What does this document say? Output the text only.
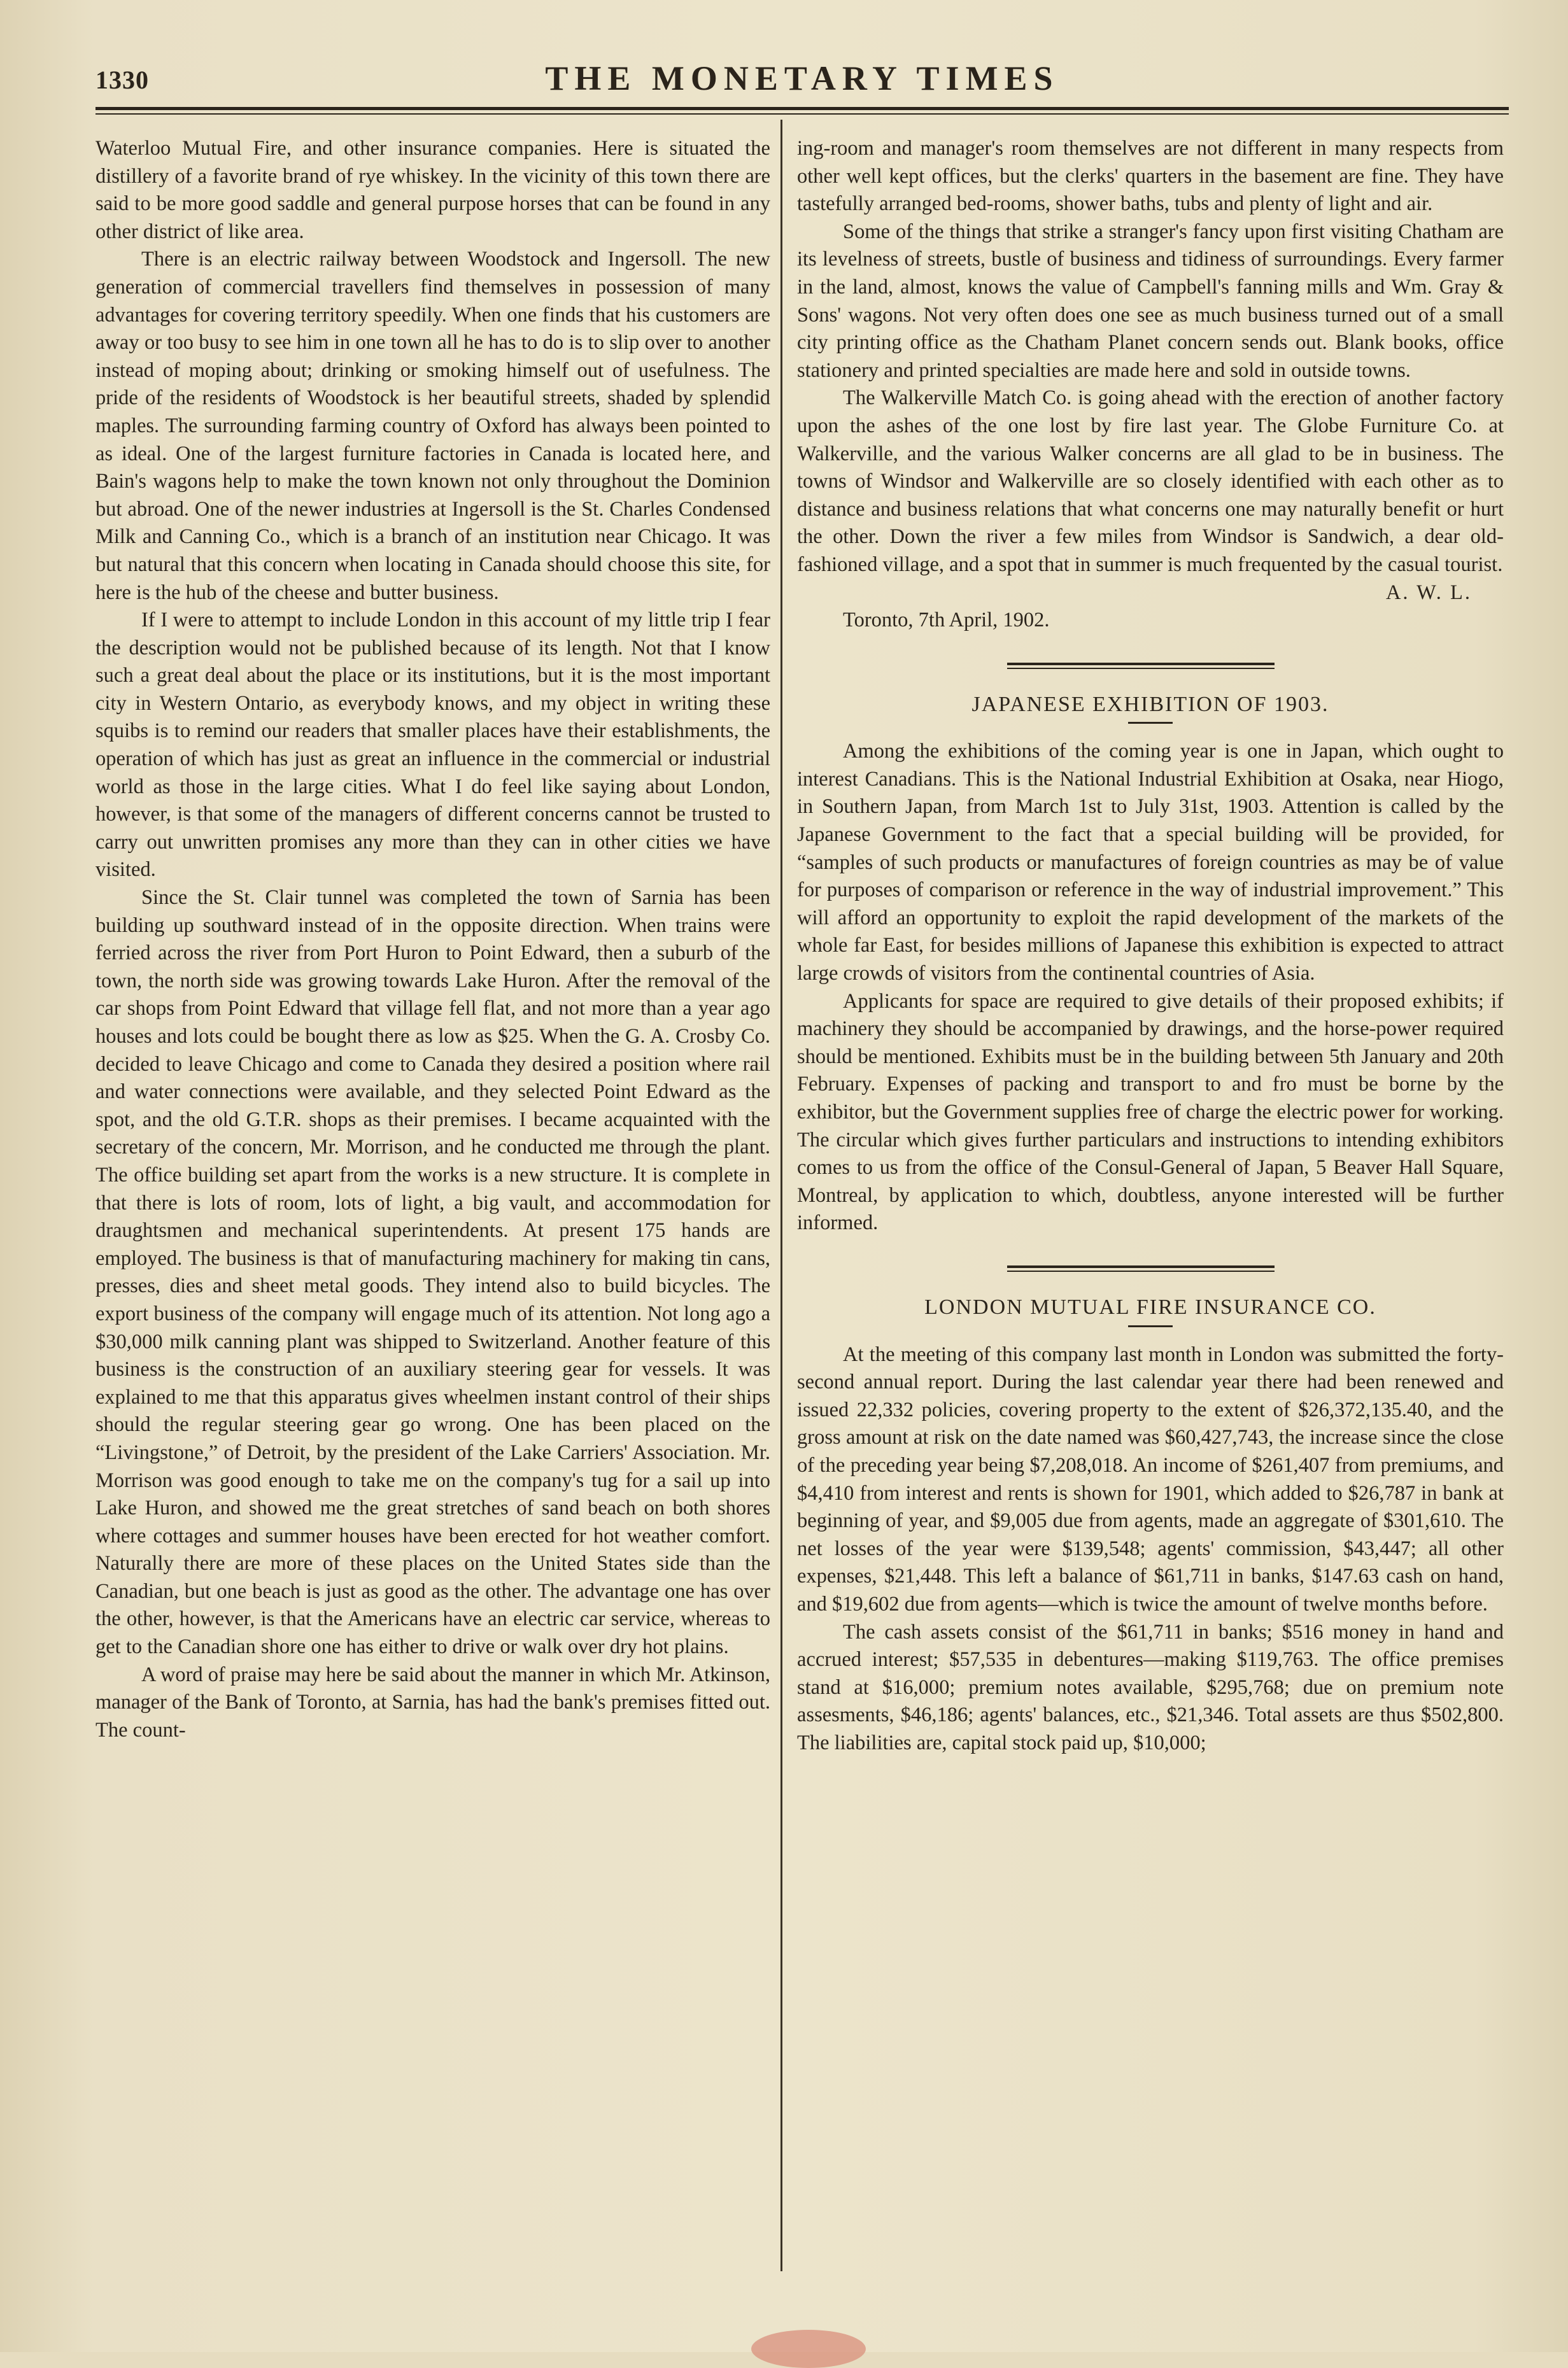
1330	THE MONETARY TIMES

Waterloo Mutual Fire, and other insurance companies. Here is situated the distillery of a favorite brand of rye whiskey. In the vicinity of this town there are said to be more good saddle and general purpose horses that can be found in any other district of like area.

There is an electric railway between Woodstock and Ingersoll. The new generation of commercial travellers find themselves in possession of many advantages for covering territory speedily. When one finds that his customers are away or too busy to see him in one town all he has to do is to slip over to another instead of moping about; drinking or smoking himself out of usefulness. The pride of the residents of Woodstock is her beautiful streets, shaded by splendid maples. The surrounding farming country of Oxford has always been pointed to as ideal. One of the largest furniture factories in Canada is located here, and Bain's wagons help to make the town known not only throughout the Dominion but abroad. One of the newer industries at Ingersoll is the St. Charles Condensed Milk and Canning Co., which is a branch of an institution near Chicago. It was but natural that this concern when locating in Canada should choose this site, for here is the hub of the cheese and butter business.

If I were to attempt to include London in this account of my little trip I fear the description would not be published because of its length. Not that I know such a great deal about the place or its institutions, but it is the most important city in Western Ontario, as everybody knows, and my object in writing these squibs is to remind our readers that smaller places have their establishments, the operation of which has just as great an influence in the commercial or industrial world as those in the large cities. What I do feel like saying about London, however, is that some of the managers of different concerns cannot be trusted to carry out unwritten promises any more than they can in other cities we have visited.

Since the St. Clair tunnel was completed the town of Sarnia has been building up southward instead of in the opposite direction. When trains were ferried across the river from Port Huron to Point Edward, then a suburb of the town, the north side was growing towards Lake Huron. After the removal of the car shops from Point Edward that village fell flat, and not more than a year ago houses and lots could be bought there as low as $25. When the G. A. Crosby Co. decided to leave Chicago and come to Canada they desired a position where rail and water connections were available, and they selected Point Edward as the spot, and the old G.T.R. shops as their premises. I became acquainted with the secretary of the concern, Mr. Morrison, and he conducted me through the plant. The office building set apart from the works is a new structure. It is complete in that there is lots of room, lots of light, a big vault, and accommodation for draughtsmen and mechanical superintendents. At present 175 hands are employed. The business is that of manufacturing machinery for making tin cans, presses, dies and sheet metal goods. They intend also to build bicycles. The export business of the company will engage much of its attention. Not long ago a $30,000 milk canning plant was shipped to Switzerland. Another feature of this business is the construction of an auxiliary steering gear for vessels. It was explained to me that this apparatus gives wheelmen instant control of their ships should the regular steering gear go wrong. One has been placed on the “Livingstone,” of Detroit, by the president of the Lake Carriers' Association. Mr. Morrison was good enough to take me on the company's tug for a sail up into Lake Huron, and showed me the great stretches of sand beach on both shores where cottages and summer houses have been erected for hot weather comfort. Naturally there are more of these places on the United States side than the Canadian, but one beach is just as good as the other. The advantage one has over the other, however, is that the Americans have an electric car service, whereas to get to the Canadian shore one has either to drive or walk over dry hot plains.

A word of praise may here be said about the manner in which Mr. Atkinson, manager of the Bank of Toronto, at Sarnia, has had the bank's premises fitted out. The count-

ing-room and manager's room themselves are not different in many respects from other well kept offices, but the clerks' quarters in the basement are fine. They have tastefully arranged bed-rooms, shower baths, tubs and plenty of light and air.

Some of the things that strike a stranger's fancy upon first visiting Chatham are its levelness of streets, bustle of business and tidiness of surroundings. Every farmer in the land, almost, knows the value of Campbell's fanning mills and Wm. Gray & Sons' wagons. Not very often does one see as much business turned out of a small city printing office as the Chatham Planet concern sends out. Blank books, office stationery and printed specialties are made here and sold in outside towns.

The Walkerville Match Co. is going ahead with the erection of another factory upon the ashes of the one lost by fire last year. The Globe Furniture Co. at Walkerville, and the various Walker concerns are all glad to be in business. The towns of Windsor and Walkerville are so closely identified with each other as to distance and business relations that what concerns one may naturally benefit or hurt the other. Down the river a few miles from Windsor is Sandwich, a dear old-fashioned village, and a spot that in summer is much frequented by the casual tourist.

A. W. L.

Toronto, 7th April, 1902.

JAPANESE EXHIBITION OF 1903.

Among the exhibitions of the coming year is one in Japan, which ought to interest Canadians. This is the National Industrial Exhibition at Osaka, near Hiogo, in Southern Japan, from March 1st to July 31st, 1903. Attention is called by the Japanese Government to the fact that a special building will be provided, for “samples of such products or manufactures of foreign countries as may be of value for purposes of comparison or reference in the way of industrial improvement.” This will afford an opportunity to exploit the rapid development of the markets of the whole far East, for besides millions of Japanese this exhibition is expected to attract large crowds of visitors from the continental countries of Asia.

Applicants for space are required to give details of their proposed exhibits; if machinery they should be accompanied by drawings, and the horse-power required should be mentioned. Exhibits must be in the building between 5th January and 20th February. Expenses of packing and transport to and fro must be borne by the exhibitor, but the Government supplies free of charge the electric power for working. The circular which gives further particulars and instructions to intending exhibitors comes to us from the office of the Consul-General of Japan, 5 Beaver Hall Square, Montreal, by application to which, doubtless, anyone interested will be further informed.

LONDON MUTUAL FIRE INSURANCE CO.

At the meeting of this company last month in London was submitted the forty-second annual report. During the last calendar year there had been renewed and issued 22,332 policies, covering property to the extent of $26,372,135.40, and the gross amount at risk on the date named was $60,427,743, the increase since the close of the preceding year being $7,208,018. An income of $261,407 from premiums, and $4,410 from interest and rents is shown for 1901, which added to $26,787 in bank at beginning of year, and $9,005 due from agents, made an aggregate of $301,610. The net losses of the year were $139,548; agents' commission, $43,447; all other expenses, $21,448. This left a balance of $61,711 in banks, $147.63 cash on hand, and $19,602 due from agents—which is twice the amount of twelve months before.

The cash assets consist of the $61,711 in banks; $516 money in hand and accrued interest; $57,535 in debentures—making $119,763. The office premises stand at $16,000; premium notes available, $295,768; due on premium note assesments, $46,186; agents' balances, etc., $21,346. Total assets are thus $502,800. The liabilities are, capital stock paid up, $10,000;
